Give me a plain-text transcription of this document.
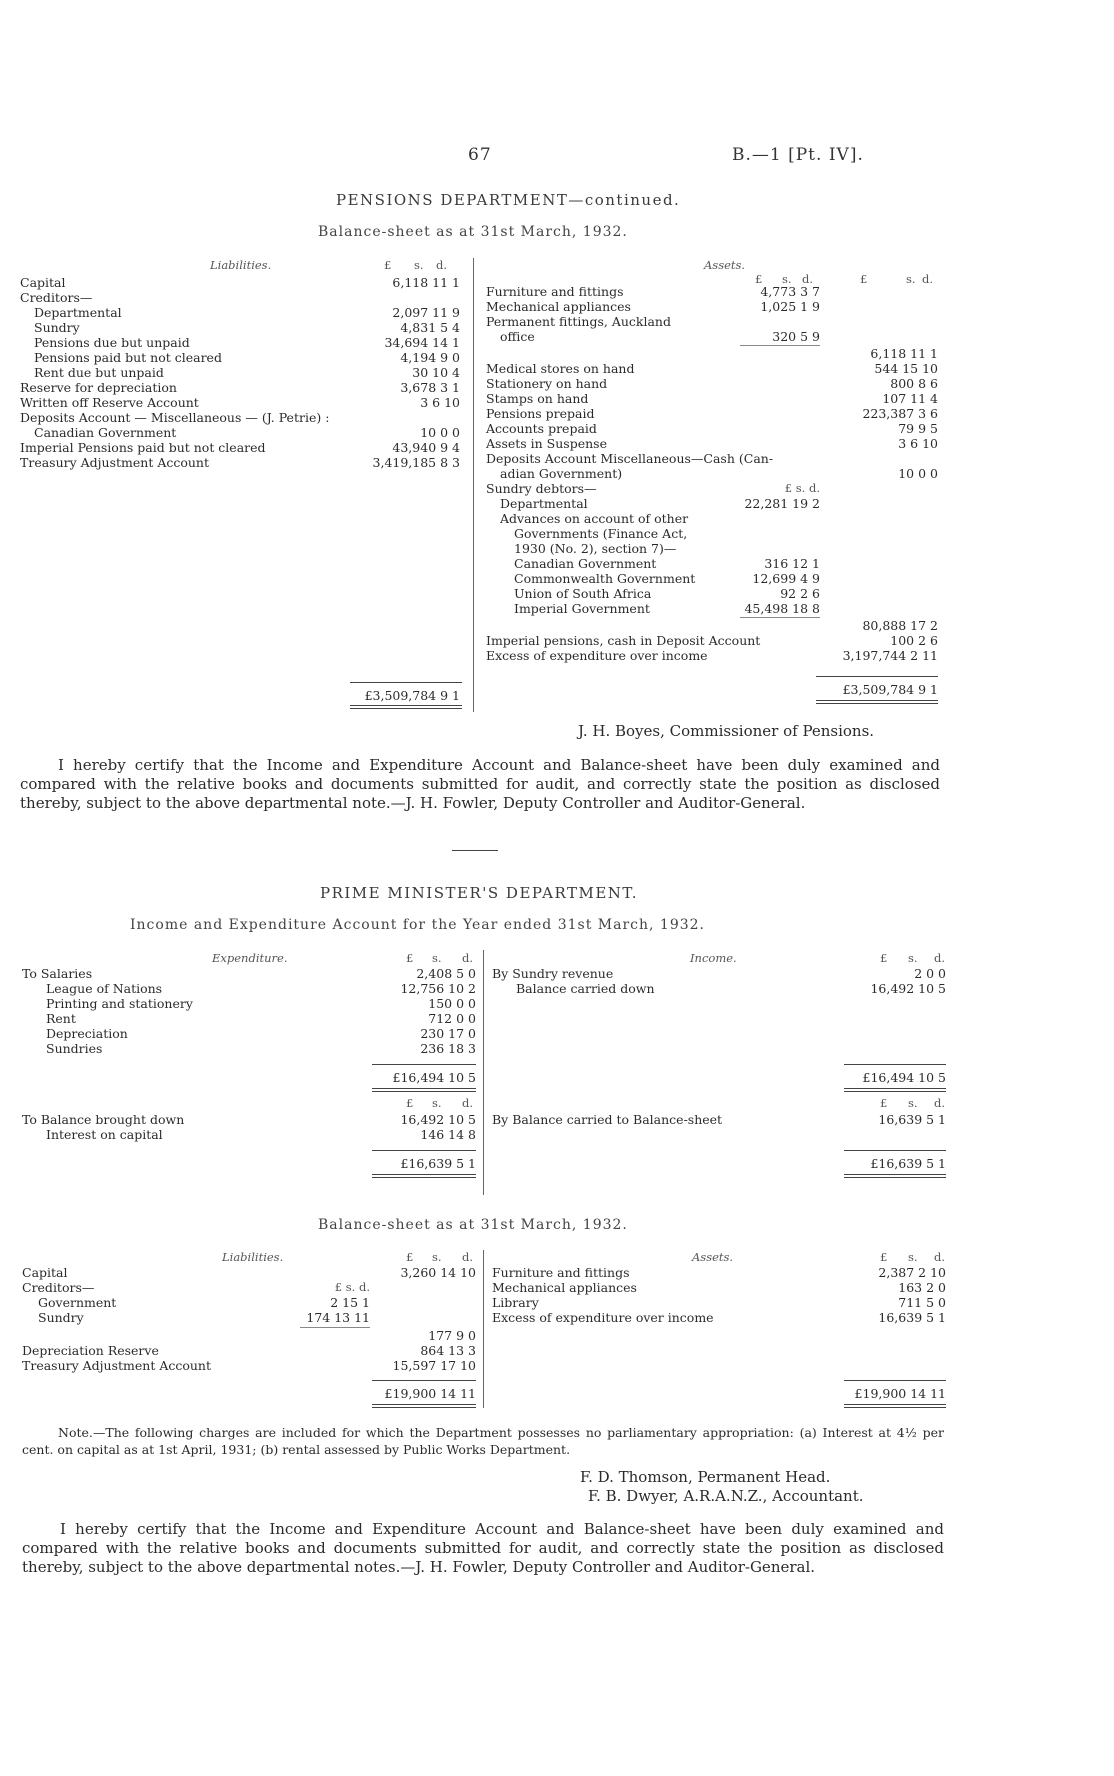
67	B.—1 [Pt. IV].
PENSIONS DEPARTMENT—continued.
Balance-sheet as at 31st March, 1932.
Liabilities.	Assets.
£ s. d.
£ s. d.	£	s. d.
Capital	6,118 11 1
Creditors—
Departmental	2,097 11 9
Sundry	4,831 5 4
Pensions due but unpaid	34,694 14 1
Pensions paid but not cleared	4,194 9 0
Rent due but unpaid	30 10 4
Reserve for depreciation	3,678 3 1
Written off Reserve Account	3 6 10
Deposits Account — Miscellaneous — (J. Petrie) :
Canadian Government	10 0 0
Imperial Pensions paid but not cleared	43,940 9 4
Treasury Adjustment Account	3,419,185 8 3
£3,509,784 9 1
Furniture and fittings	4,773 3 7
Mechanical appliances	1,025 1 9
Permanent fittings, Auckland
office	320 5 9
6,118 11 1
Medical stores on hand	544 15 10
Stationery on hand	800 8 6
Stamps on hand	107 11 4
Pensions prepaid	223,387 3 6
Accounts prepaid	79 9 5
Assets in Suspense	3 6 10
Deposits Account Miscellaneous—Cash (Can-
adian Government)	10 0 0
Sundry debtors—	£ s. d.
Departmental	22,281 19 2
Advances on account of other
Governments (Finance Act,
1930 (No. 2), section 7)—
Canadian Government	316 12 1
Commonwealth Government	12,699 4 9
Union of South Africa	92 2 6
Imperial Government	45,498 18 8
80,888 17 2
Imperial pensions, cash in Deposit Account	100 2 6
Excess of expenditure over income	3,197,744 2 11
£3,509,784 9 1
J. H. Boyes, Commissioner of Pensions.
I hereby certify that the Income and Expenditure Account and Balance-sheet have been duly examined and compared with the relative books and documents submitted for audit, and correctly state the position as disclosed thereby, subject to the above departmental note.—J. H. Fowler, Deputy Controller and Auditor-General.
PRIME MINISTER'S DEPARTMENT.
Income and Expenditure Account for the Year ended 31st March, 1932.
Expenditure.	Income.
£ s. d.	£ s. d.
To Salaries	2,408 5 0
League of Nations	12,756 10 2
Printing and stationery	150 0 0
Rent	712 0 0
Depreciation	230 17 0
Sundries	236 18 3
By Sundry revenue	2 0 0
Balance carried down	16,492 10 5
£16,494 10 5	£16,494 10 5
£ s. d.	£ s. d.
To Balance brought down	16,492 10 5
Interest on capital	146 14 8
By Balance carried to Balance-sheet	16,639 5 1
£16,639 5 1	£16,639 5 1
Balance-sheet as at 31st March, 1932.
Liabilities.	Assets.
£ s. d.	£ s. d.
Capital	3,260 14 10
Creditors—	£ s. d.
Government	2 15 1
Sundry	174 13 11
177 9 0
Depreciation Reserve	864 13 3
Treasury Adjustment Account	15,597 17 10
Furniture and fittings	2,387 2 10
Mechanical appliances	163 2 0
Library	711 5 0
Excess of expenditure over income	16,639 5 1
£19,900 14 11	£19,900 14 11
Note.—The following charges are included for which the Department possesses no parliamentary appropriation: (a) Interest at 4½ per cent. on capital as at 1st April, 1931; (b) rental assessed by Public Works Department.
F. D. Thomson, Permanent Head.
F. B. Dwyer, A.R.A.N.Z., Accountant.
I hereby certify that the Income and Expenditure Account and Balance-sheet have been duly examined and compared with the relative books and documents submitted for audit, and correctly state the position as disclosed thereby, subject to the above departmental notes.—J. H. Fowler, Deputy Controller and Auditor-General.
